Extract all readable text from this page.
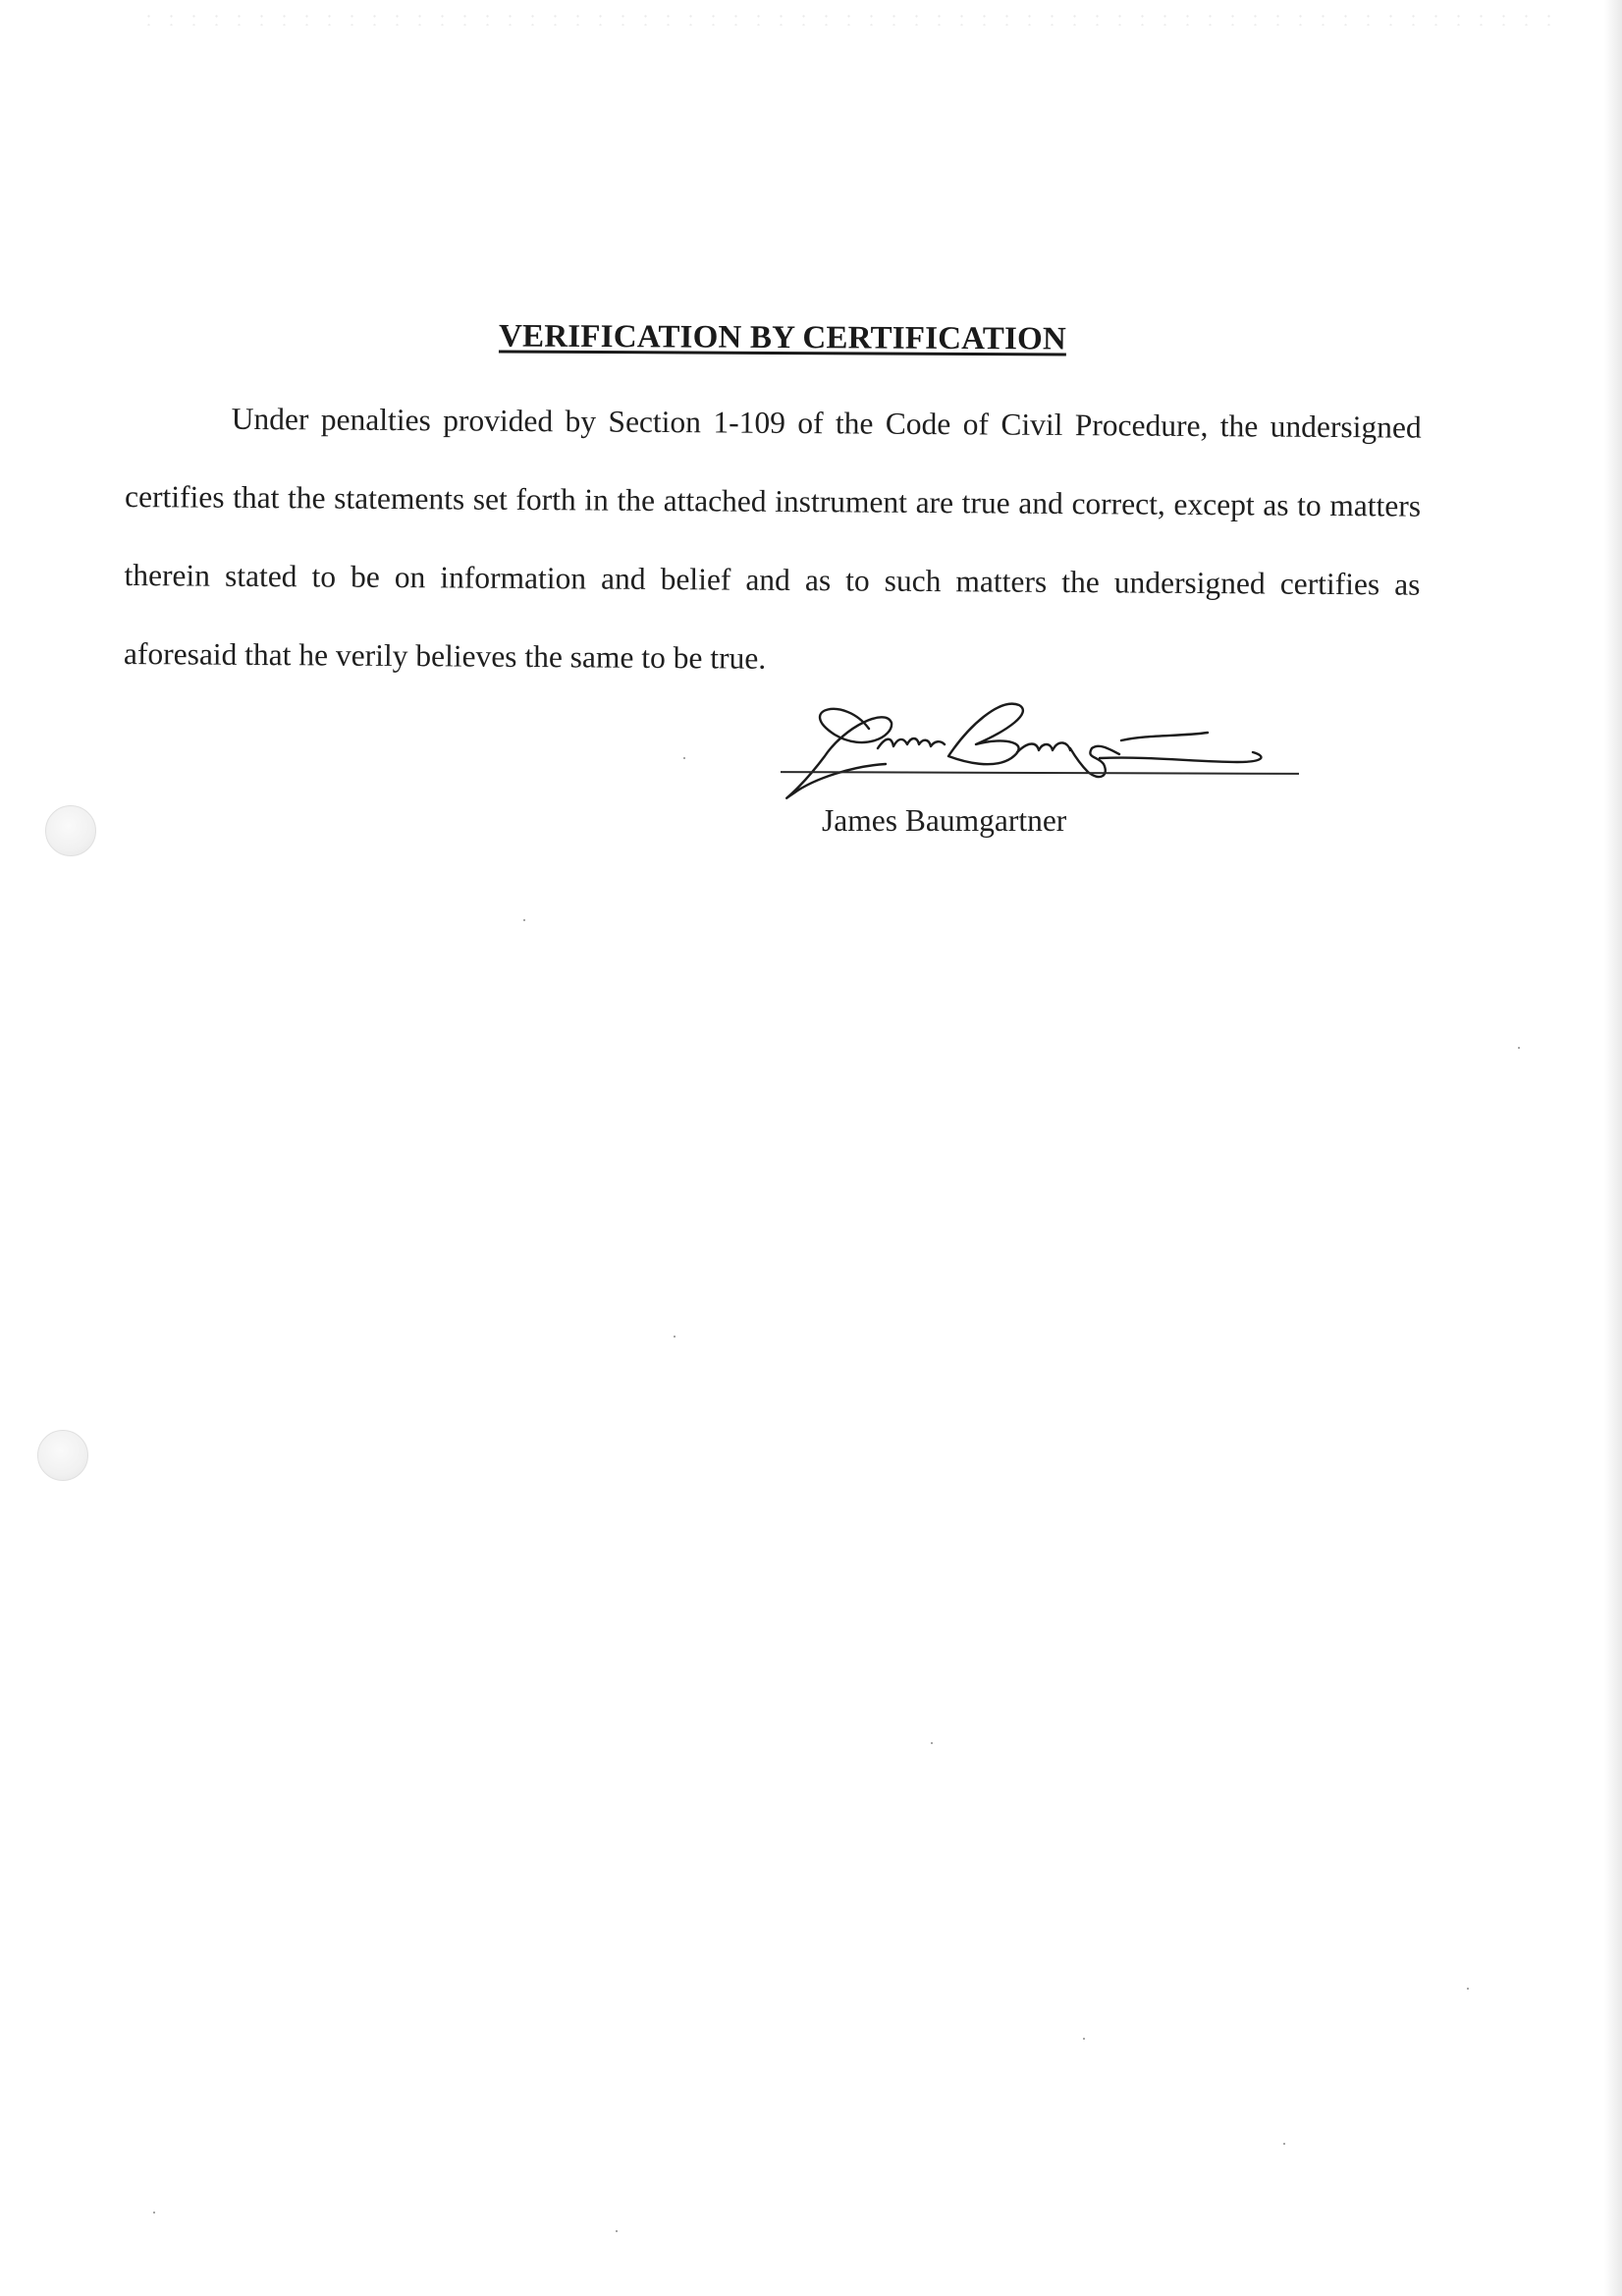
VERIFICATION BY CERTIFICATION
Under penalties provided by Section 1-109 of the Code of Civil Procedure, the undersigned certifies that the statements set forth in the attached instrument are true and correct, except as to matters therein stated to be on information and belief and as to such matters the undersigned certifies as aforesaid that he verily believes the same to be true.
James Baumgartner
